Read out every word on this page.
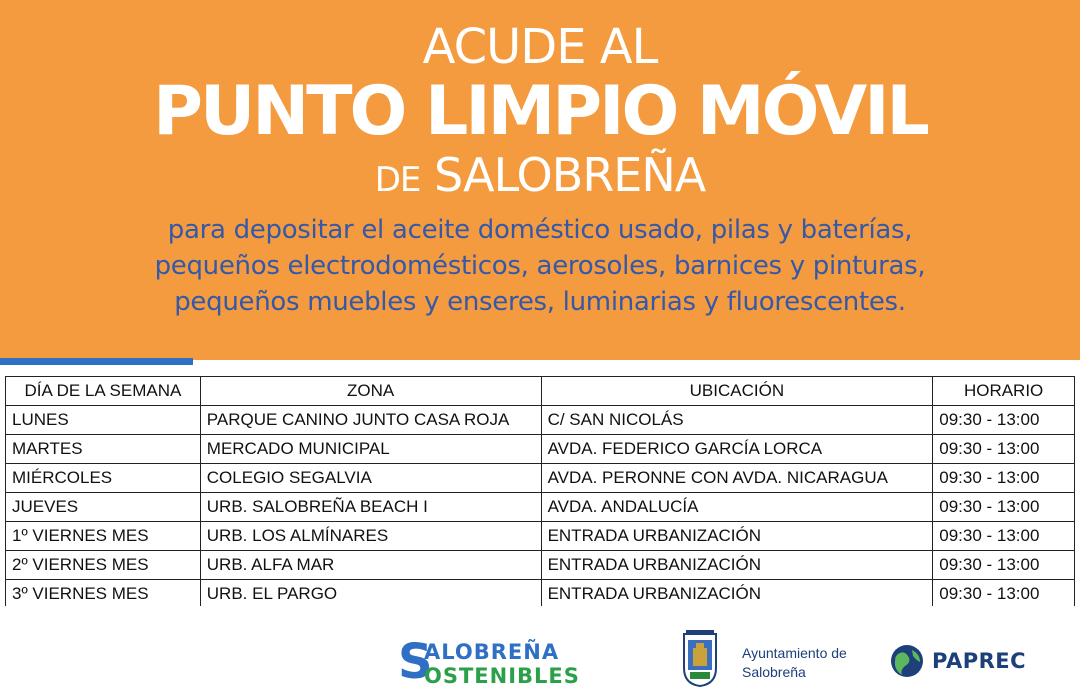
ACUDE AL
PUNTO LIMPIO MÓVIL
DE SALOBREÑA
para depositar el aceite doméstico usado, pilas y baterías,
pequeños electrodomésticos, aerosoles, barnices y pinturas,
pequeños muebles y enseres, luminarias y fluorescentes.
DÍA DE LA SEMANA	ZONA	UBICACIÓN	HORARIO
LUNES	PARQUE CANINO JUNTO CASA ROJA	C/ SAN NICOLÁS	09:30 - 13:00
MARTES	MERCADO MUNICIPAL	AVDA. FEDERICO GARCÍA LORCA	09:30 - 13:00
MIÉRCOLES	COLEGIO SEGALVIA	AVDA. PERONNE CON AVDA. NICARAGUA	09:30 - 13:00
JUEVES	URB. SALOBREÑA BEACH I	AVDA. ANDALUCÍA	09:30 - 13:00
1º VIERNES MES	URB. LOS ALMÍNARES	ENTRADA URBANIZACIÓN	09:30 - 13:00
2º VIERNES MES	URB. ALFA MAR	ENTRADA URBANIZACIÓN	09:30 - 13:00
3º VIERNES MES	URB. EL PARGO	ENTRADA URBANIZACIÓN	09:30 - 13:00
S
ALOBREÑA
OSTENIBLES
Ayuntamiento de
Salobreña	PAPREC
